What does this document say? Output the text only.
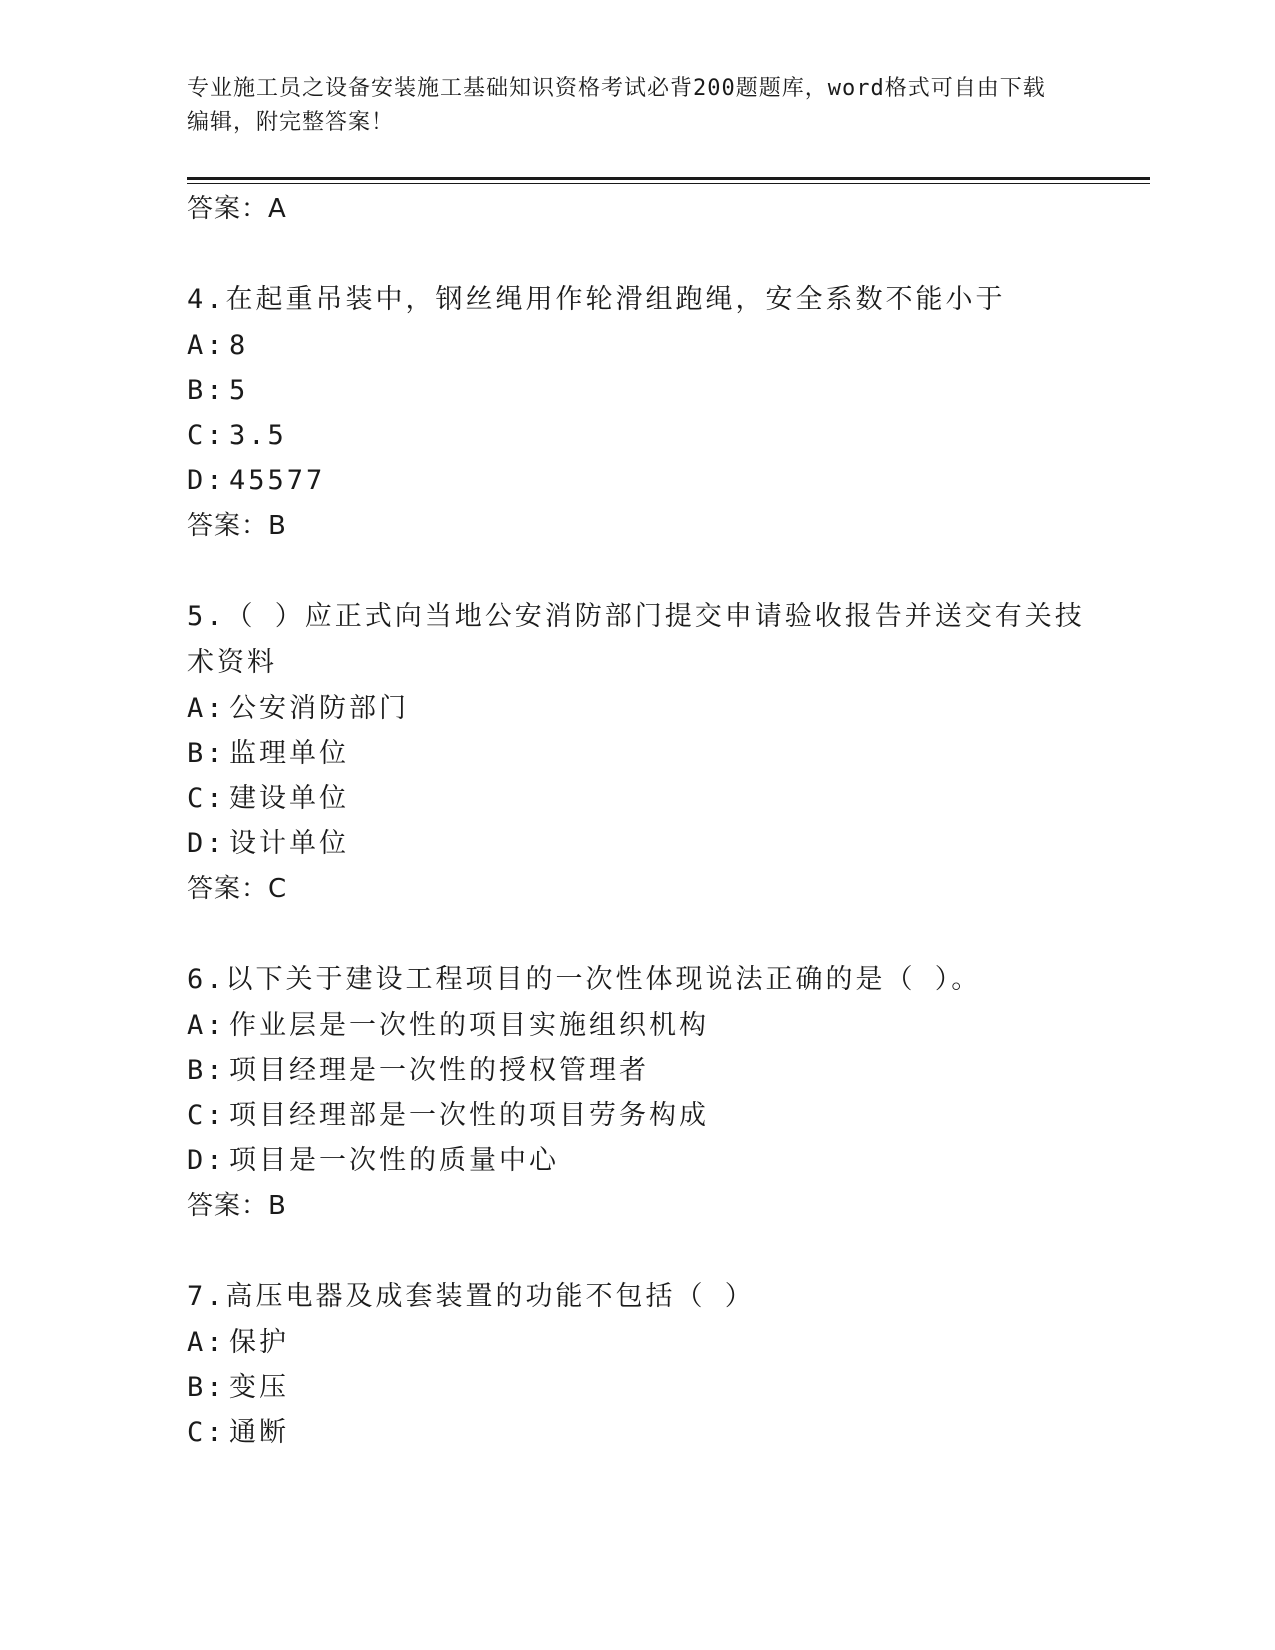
专业施工员之设备安装施工基础知识资格考试必背200题题库，word格式可自由下载编辑，附完整答案！
答案：A
4.在起重吊装中，钢丝绳用作轮滑组跑绳，安全系数不能小于
A: 8
B: 5
C: 3.5
D: 45577
答案：B
5.（ ）应正式向当地公安消防部门提交申请验收报告并送交有关技术资料
A: 公安消防部门
B: 监理单位
C: 建设单位
D: 设计单位
答案：C
6.以下关于建设工程项目的一次性体现说法正确的是（ ）。
A: 作业层是一次性的项目实施组织机构
B: 项目经理是一次性的授权管理者
C: 项目经理部是一次性的项目劳务构成
D: 项目是一次性的质量中心
答案：B
7.高压电器及成套装置的功能不包括（ ）
A: 保护
B: 变压
C: 通断
